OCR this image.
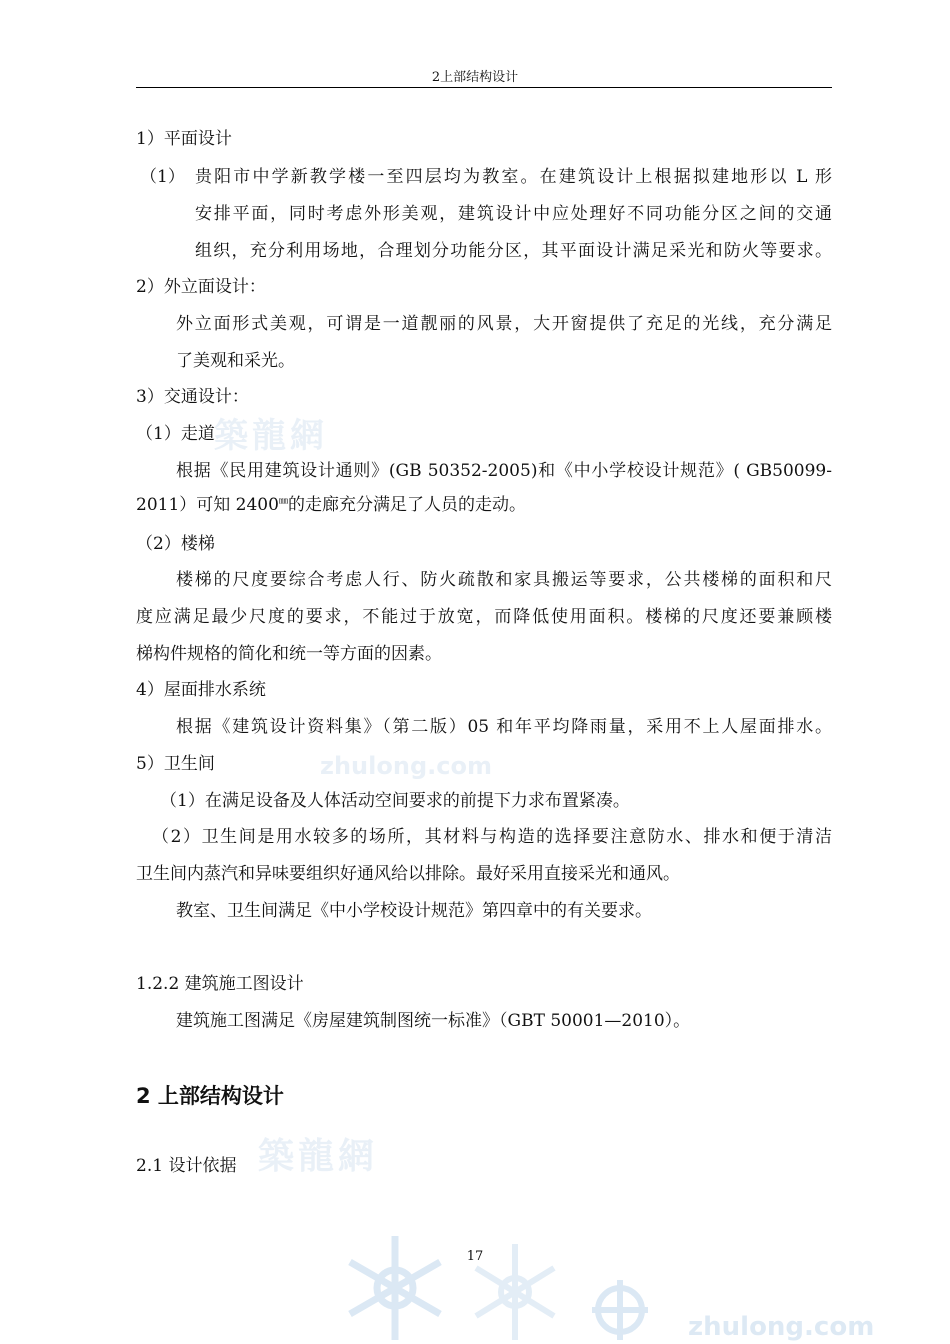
築龍網
zhulong.com
築龍網
zhulong.com
2上部结构设计
1）平面设计
（1） 贵阳市中学新教学楼一至四层均为教室。在建筑设计上根据拟建地形以 L 形
安排平面，同时考虑外形美观，建筑设计中应处理好不同功能分区之间的交通
组织，充分利用场地，合理划分功能分区，其平面设计满足采光和防火等要求。
2）外立面设计：
外立面形式美观，可谓是一道靓丽的风景，大开窗提供了充足的光线，充分满足
了美观和采光。
3）交通设计：
（1）走道
根据《民用建筑设计通则》(GB 50352-2005)和《中小学校设计规范》( GB50099-
2011）可知 2400㎜的走廊充分满足了人员的走动。
（2）楼梯
楼梯的尺度要综合考虑人行、防火疏散和家具搬运等要求，公共楼梯的面积和尺
度应满足最少尺度的要求，不能过于放宽，而降低使用面积。楼梯的尺度还要兼顾楼
梯构件规格的简化和统一等方面的因素。
4）屋面排水系统
根据《建筑设计资料集》（第二版）05 和年平均降雨量，采用不上人屋面排水。
5）卫生间
（1）在满足设备及人体活动空间要求的前提下力求布置紧凑。
（2）卫生间是用水较多的场所，其材料与构造的选择要注意防水、排水和便于清洁
卫生间内蒸汽和异味要组织好通风给以排除。最好采用直接采光和通风。
教室、卫生间满足《中小学校设计规范》第四章中的有关要求。
1.2.2 建筑施工图设计
建筑施工图满足《房屋建筑制图统一标准》（GBT 50001—2010）。
2 上部结构设计
2.1 设计依据
17
